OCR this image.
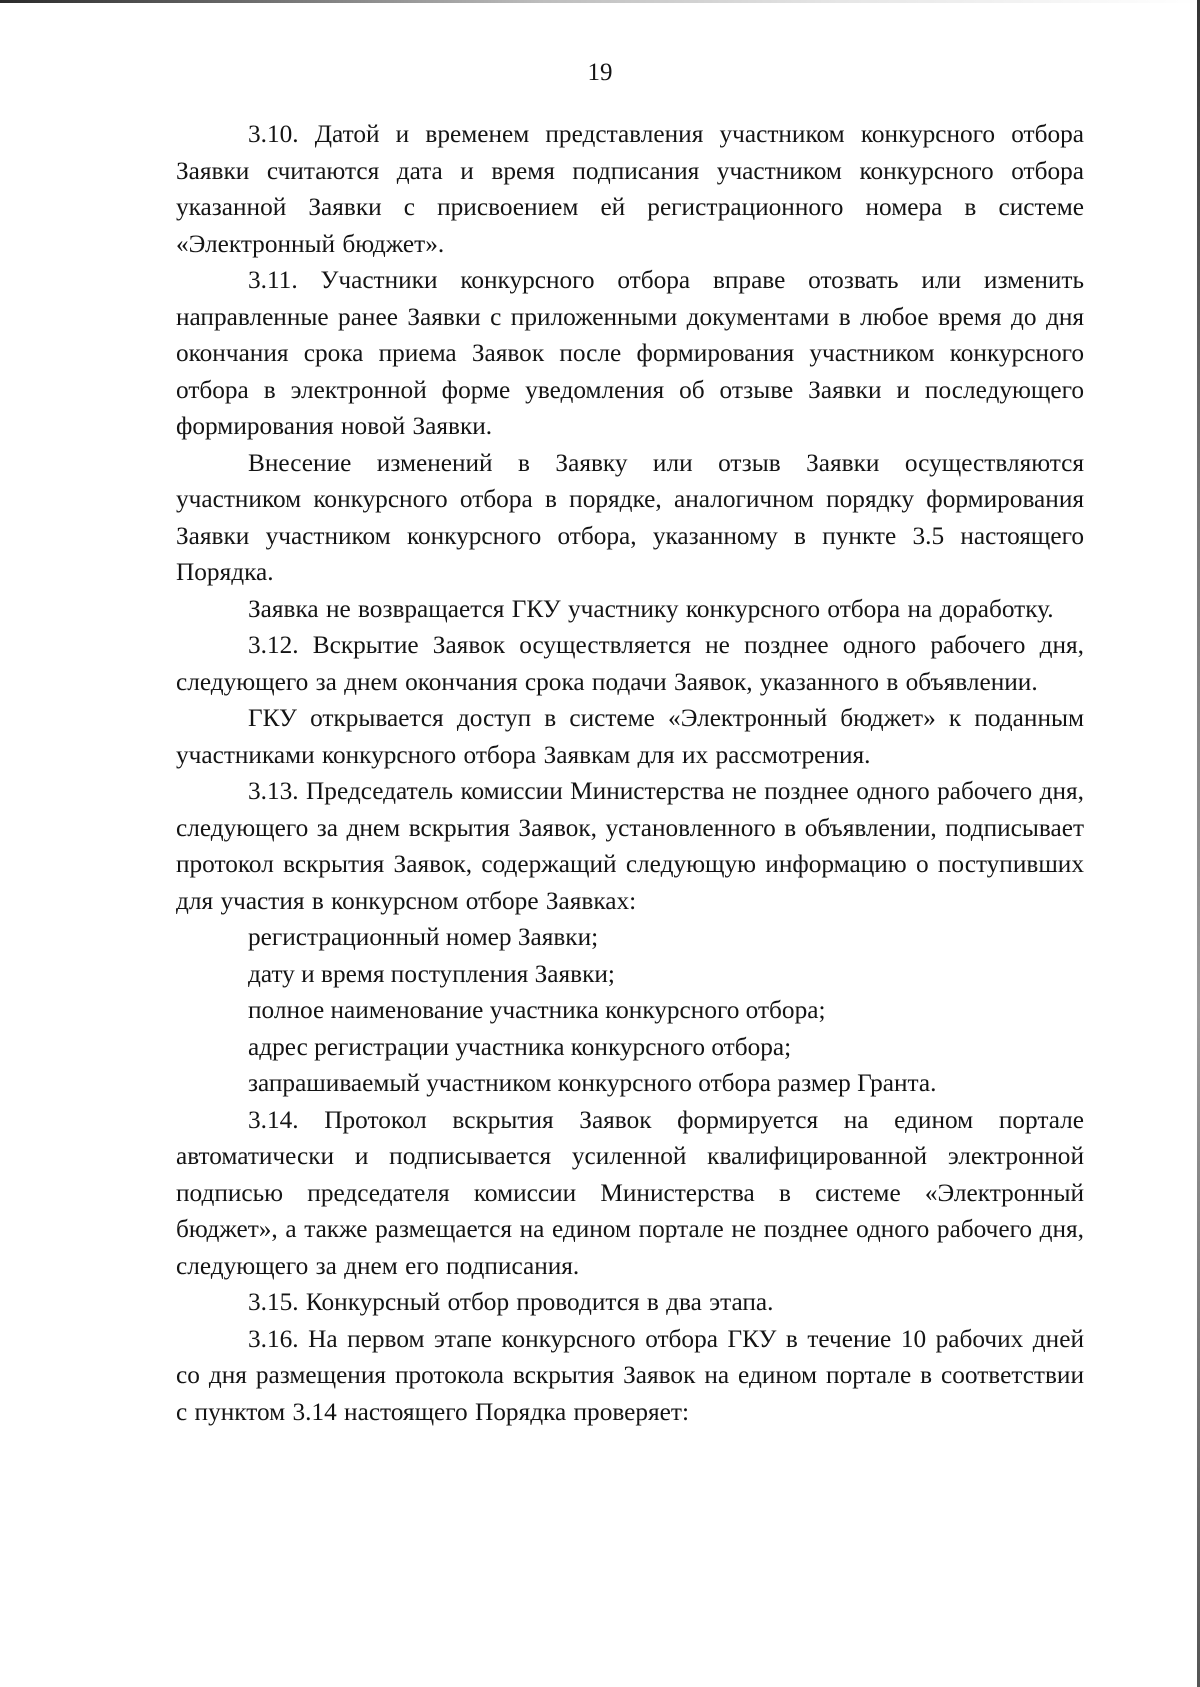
19

3.10. Датой и временем представления участником конкурсного отбора Заявки считаются дата и время подписания участником конкурсного отбора указанной Заявки с присвоением ей регистрационного номера в системе «Электронный бюджет».

3.11. Участники конкурсного отбора вправе отозвать или изменить направленные ранее Заявки с приложенными документами в любое время до дня окончания срока приема Заявок после формирования участником конкурсного отбора в электронной форме уведомления об отзыве Заявки и последующего формирования новой Заявки.

Внесение изменений в Заявку или отзыв Заявки осуществляются участником конкурсного отбора в порядке, аналогичном порядку формирования Заявки участником конкурсного отбора, указанному в пункте 3.5 настоящего Порядка.

Заявка не возвращается ГКУ участнику конкурсного отбора на доработку.

3.12. Вскрытие Заявок осуществляется не позднее одного рабочего дня, следующего за днем окончания срока подачи Заявок, указанного в объявлении.

ГКУ открывается доступ в системе «Электронный бюджет» к поданным участниками конкурсного отбора Заявкам для их рассмотрения.

3.13. Председатель комиссии Министерства не позднее одного рабочего дня, следующего за днем вскрытия Заявок, установленного в объявлении, подписывает протокол вскрытия Заявок, содержащий следующую информацию о поступивших для участия в конкурсном отборе Заявках:

регистрационный номер Заявки;

дату и время поступления Заявки;

полное наименование участника конкурсного отбора;

адрес регистрации участника конкурсного отбора;

запрашиваемый участником конкурсного отбора размер Гранта.

3.14. Протокол вскрытия Заявок формируется на едином портале автоматически и подписывается усиленной квалифицированной электронной подписью председателя комиссии Министерства в системе «Электронный бюджет», а также размещается на едином портале не позднее одного рабочего дня, следующего за днем его подписания.

3.15. Конкурсный отбор проводится в два этапа.

3.16. На первом этапе конкурсного отбора ГКУ в течение 10 рабочих дней со дня размещения протокола вскрытия Заявок на едином портале в соответствии с пунктом 3.14 настоящего Порядка проверяет:
